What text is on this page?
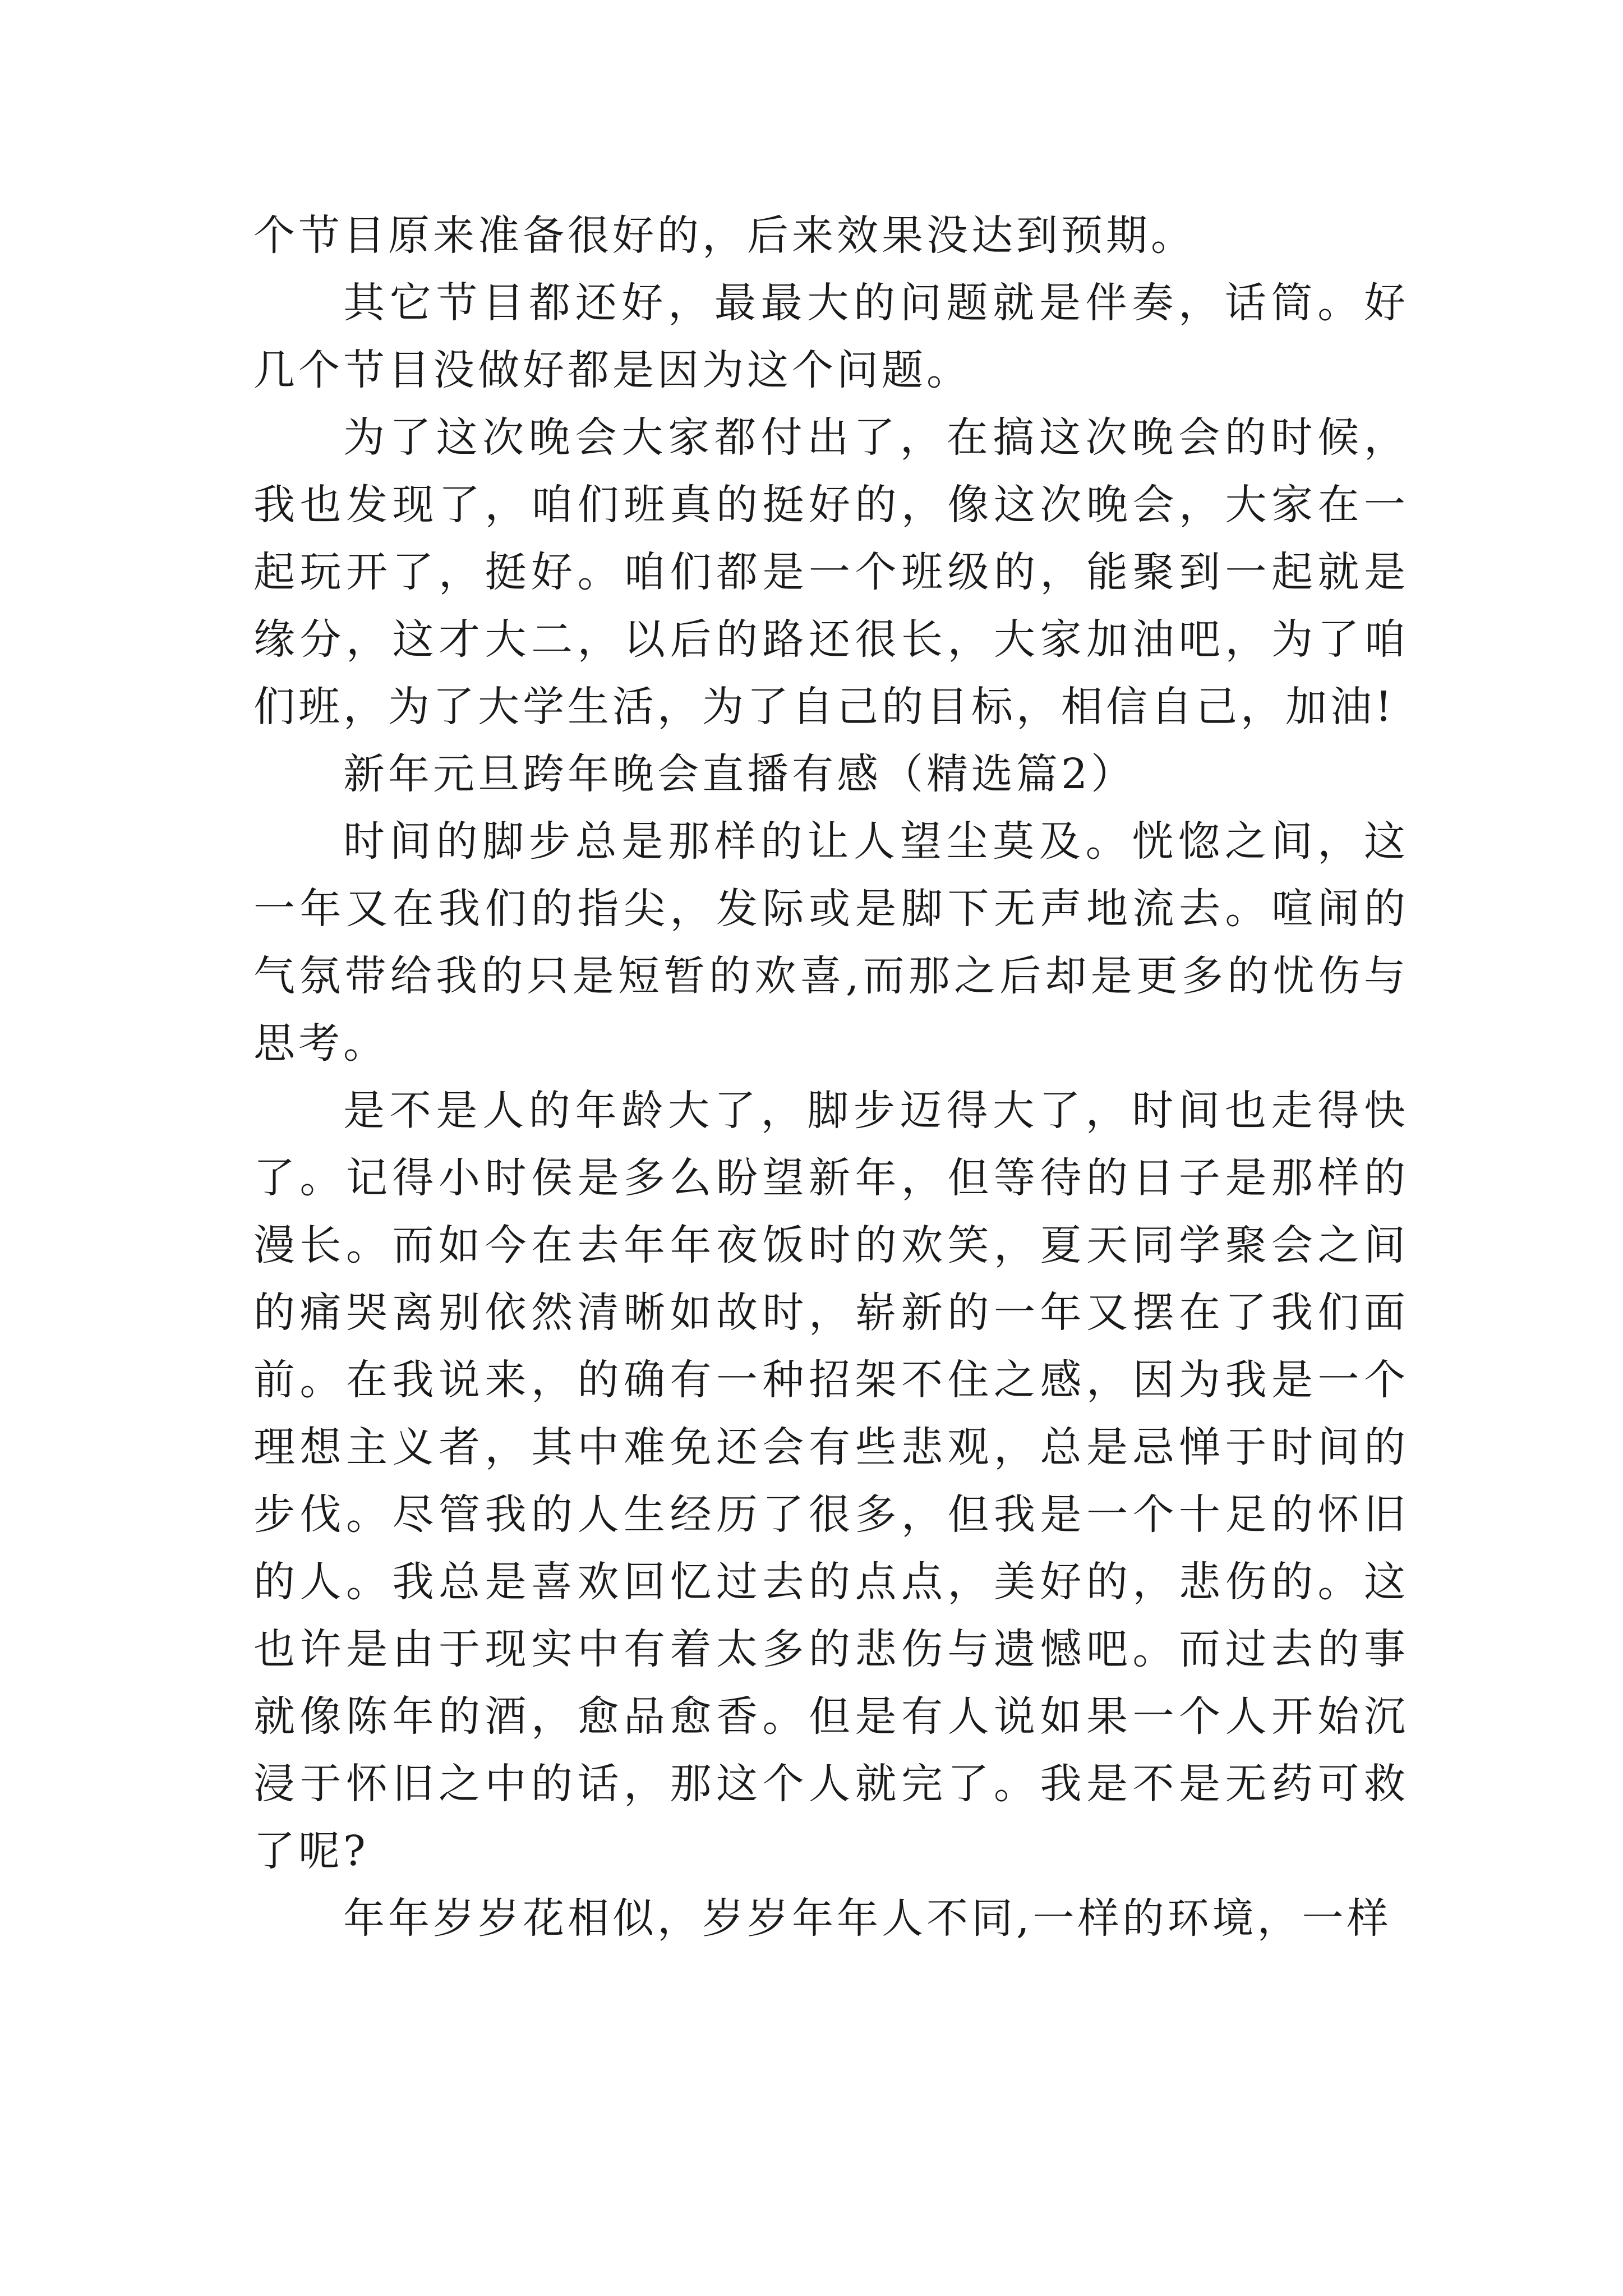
个节目原来准备很好的，后来效果没达到预期。

其它节目都还好，最最大的问题就是伴奏，话筒。好几个节目没做好都是因为这个问题。

为了这次晚会大家都付出了，在搞这次晚会的时候，我也发现了，咱们班真的挺好的，像这次晚会，大家在一起玩开了，挺好。咱们都是一个班级的，能聚到一起就是缘分，这才大二，以后的路还很长，大家加油吧，为了咱们班，为了大学生活，为了自己的目标，相信自己，加油!

新年元旦跨年晚会直播有感（精选篇2）

时间的脚步总是那样的让人望尘莫及。恍惚之间，这一年又在我们的指尖，发际或是脚下无声地流去。喧闹的气氛带给我的只是短暂的欢喜,而那之后却是更多的忧伤与思考。

是不是人的年龄大了，脚步迈得大了，时间也走得快了。记得小时侯是多么盼望新年，但等待的日子是那样的漫长。而如今在去年年夜饭时的欢笑，夏天同学聚会之间的痛哭离别依然清晰如故时，崭新的一年又摆在了我们面前。在我说来，的确有一种招架不住之感，因为我是一个理想主义者，其中难免还会有些悲观，总是忌惮于时间的步伐。尽管我的人生经历了很多，但我是一个十足的怀旧的人。我总是喜欢回忆过去的点点，美好的，悲伤的。这也许是由于现实中有着太多的悲伤与遗憾吧。而过去的事就像陈年的酒，愈品愈香。但是有人说如果一个人开始沉浸于怀旧之中的话，那这个人就完了。我是不是无药可救了呢?

年年岁岁花相似，岁岁年年人不同,一样的环境，一样
